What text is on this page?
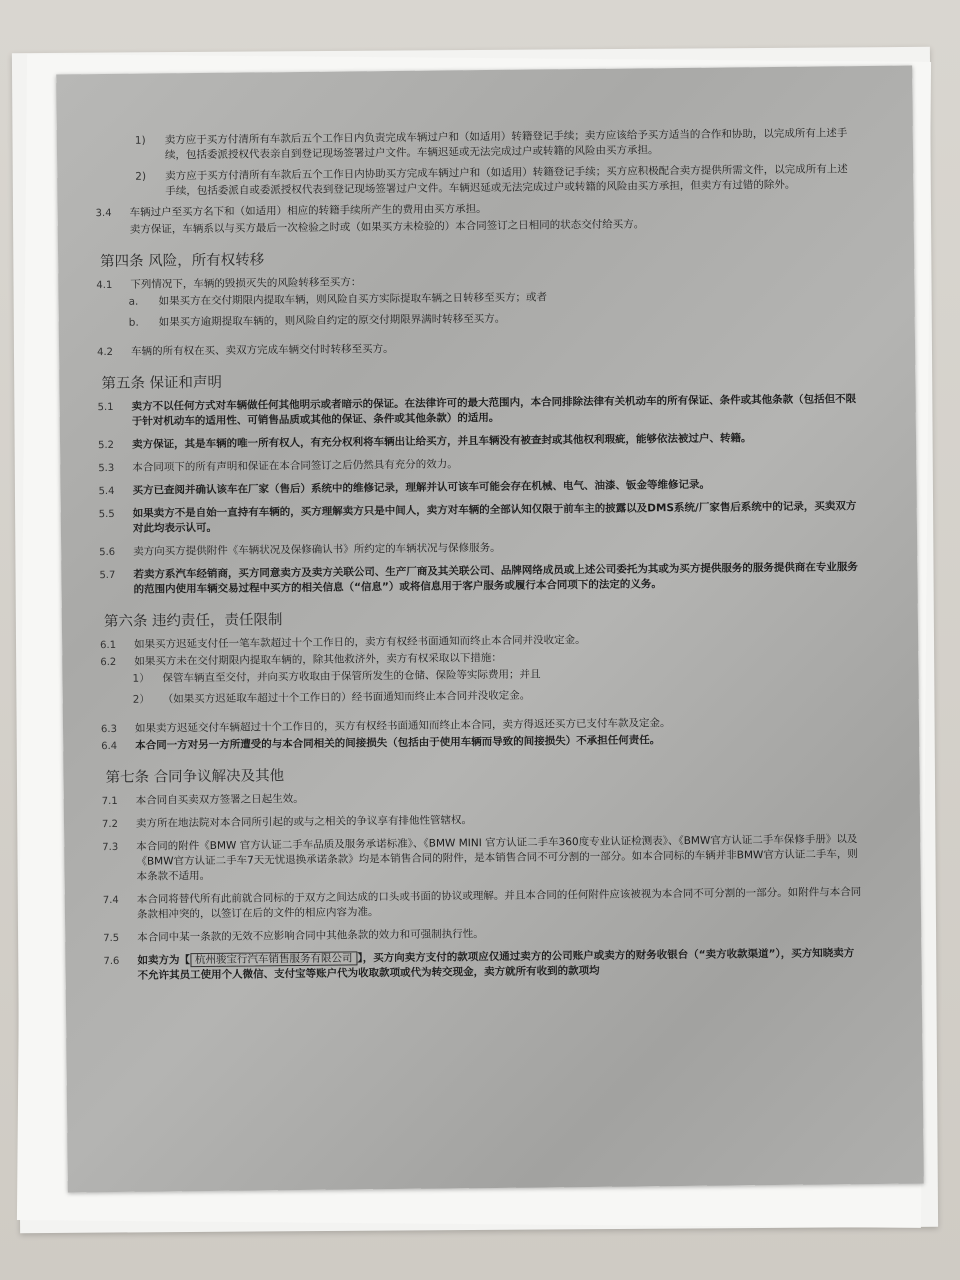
1)	卖方应于买方付清所有车款后五个工作日内负责完成车辆过户和（如适用）转籍登记手续；卖方应该给予买方适当的合作和协助，以完成所有上述手续，包括委派授权代表亲自到登记现场签署过户文件。车辆迟延或无法完成过户或转籍的风险由买方承担。
2)	卖方应于买方付清所有车款后五个工作日内协助买方完成车辆过户和（如适用）转籍登记手续；买方应积极配合卖方提供所需文件，以完成所有上述手续，包括委派自或委派授权代表到登记现场签署过户文件。车辆迟延或无法完成过户或转籍的风险由买方承担，但卖方有过错的除外。
3.4	车辆过户至买方名下和（如适用）相应的转籍手续所产生的费用由买方承担。
卖方保证，车辆系以与买方最后一次检验之时或（如果买方未检验的）本合同签订之日相同的状态交付给买方。
第四条 风险，所有权转移
4.1	下列情况下，车辆的毁损灭失的风险转移至买方：
a.	如果买方在交付期限内提取车辆，则风险自买方实际提取车辆之日转移至买方；或者
b.	如果买方逾期提取车辆的，则风险自约定的原交付期限界满时转移至买方。
4.2	车辆的所有权在买、卖双方完成车辆交付时转移至买方。
第五条 保证和声明
5.1	卖方不以任何方式对车辆做任何其他明示或者暗示的保证。在法律许可的最大范围内，本合同排除法律有关机动车的所有保证、条件或其他条款（包括但不限于针对机动车的适用性、可销售品质或其他的保证、条件或其他条款）的适用。
5.2	卖方保证，其是车辆的唯一所有权人，有充分权利将车辆出让给买方，并且车辆没有被查封或其他权利瑕疵，能够依法被过户、转籍。
5.3	本合同项下的所有声明和保证在本合同签订之后仍然具有充分的效力。
5.4	买方已查阅并确认该车在厂家（售后）系统中的维修记录，理解并认可该车可能会存在机械、电气、油漆、钣金等维修记录。
5.5	如果卖方不是自始一直持有车辆的，买方理解卖方只是中间人，卖方对车辆的全部认知仅限于前车主的披露以及DMS系统/厂家售后系统中的记录，买卖双方对此均表示认可。
5.6	卖方向买方提供附件《车辆状况及保修确认书》所约定的车辆状况与保修服务。
5.7	若卖方系汽车经销商，买方同意卖方及卖方关联公司、生产厂商及其关联公司、品牌网络成员或上述公司委托为其或为买方提供服务的服务提供商在专业服务的范围内使用车辆交易过程中买方的相关信息（“信息”）或将信息用于客户服务或履行本合同项下的法定的义务。
第六条 违约责任，责任限制
6.1	如果买方迟延支付任一笔车款超过十个工作日的，卖方有权经书面通知而终止本合同并没收定金。
6.2	如果买方未在交付期限内提取车辆的，除其他救济外，卖方有权采取以下措施：
1）	保管车辆直至交付，并向买方收取由于保管所发生的仓储、保险等实际费用；并且
2）	（如果买方迟延取车超过十个工作日的）经书面通知而终止本合同并没收定金。
6.3	如果卖方迟延交付车辆超过十个工作日的，买方有权经书面通知而终止本合同，卖方得返还买方已支付车款及定金。
6.4	本合同一方对另一方所遭受的与本合同相关的间接损失（包括由于使用车辆而导致的间接损失）不承担任何责任。
第七条 合同争议解决及其他
7.1	本合同自买卖双方签署之日起生效。
7.2	卖方所在地法院对本合同所引起的或与之相关的争议享有排他性管辖权。
7.3	本合同的附件《BMW 官方认证二手车品质及服务承诺标准》、《BMW MINI 官方认证二手车360度专业认证检测表》、《BMW官方认证二手车保修手册》以及《BMW官方认证二手车7天无忧退换承诺条款》均是本销售合同的附件，是本销售合同不可分割的一部分。如本合同标的车辆并非BMW官方认证二手车，则本条款不适用。
7.4	本合同将替代所有此前就合同标的于双方之间达成的口头或书面的协议或理解。并且本合同的任何附件应该被视为本合同不可分割的一部分。如附件与本合同条款相冲突的，以签订在后的文件的相应内容为准。
7.5	本合同中某一条款的无效不应影响合同中其他条款的效力和可强制执行性。
7.6	如卖方为【 杭州骏宝行汽车销售服务有限公司 】，买方向卖方支付的款项应仅通过卖方的公司账户或卖方的财务收银台（“卖方收款渠道”），买方知晓卖方不允许其员工使用个人微信、支付宝等账户代为收取款项或代为转交现金，卖方就所有收到的款项均
